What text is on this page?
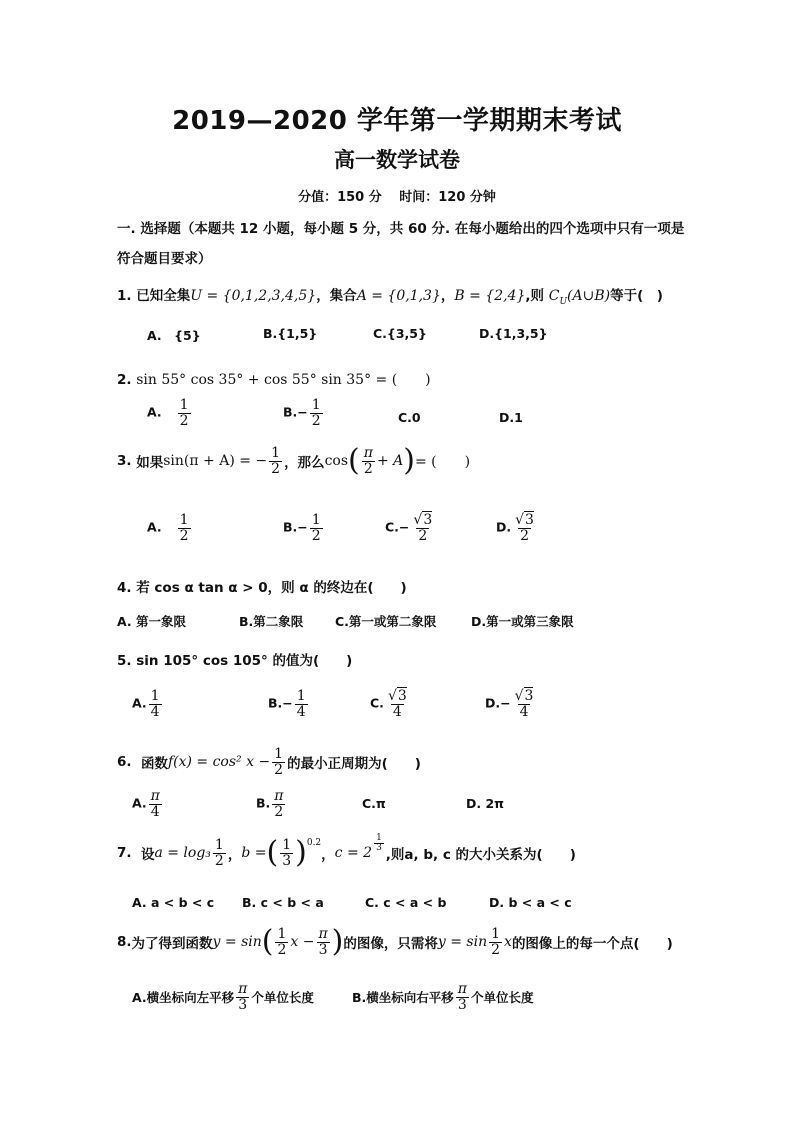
2019—2020 学年第一学期期末考试
高一数学试卷
分值：150 分　 时间：120 分钟
一. 选择题（本题共 12 小题，每小题 5 分，共 60 分. 在每小题给出的四个选项中只有一项是
符合题目要求）
1. 已知全集U = {0,1,2,3,4,5}，集合A = {0,1,3}，B = {2,4},则 $C_U(A\cup B)$等于(　)
A.　{5}	B.{1,5}	C.{3,5}	D.{1,3,5}
2. sin 55° cos 35° + cos 55° sin 35° = (　　)
A. $\frac{1}{2}$	$B.- \frac{1}{2}$	C.0	D.1
3.
如果 sin(π + A) = − $\frac{1}{2}$ ，那么 cos ( $\frac{\pi}{2} + A$ ) = (　　)
A. $\frac{1}{2}$	$B.- \frac{1}{2}$	$C.- \frac{√3}{2}$	D. $\frac{√3}{2}$
4. 若 cos α tan α > 0，则 α 的终边在(　　)
A. 第一象限	B.第二象限	C.第一或第二象限	D.第一或第三象限
5. sin 105° cos 105° 的值为(　　)
A. $\frac{1}{4}$	$B.- \frac{1}{4}$	C. $\frac{√3}{4}$	$D.- \frac{√3}{4}$
6.
函数 f(x) = cos² $x - \frac{1}{2}$ 的最小正周期为(　　)
A. $\frac{\pi}{4}$	B. $\frac{\pi}{2}$	C.π	D. 2π
7.
设 $a = \log_3 \frac{1}{2}$ ， b = ( $\frac{1}{3} )^{0.2}$
， $c = 2 \frac{1}{3}$
,则a, b, c 的大小关系为(　　)
A. a < b < c B. c < b < a	C. c < a < b	D. b < a < c
8. 为了得到函数 y = sin ( $\frac{1}{2}$ $x - \frac{\pi}{3}$ ) 的图像，只需将 $y = \sin \frac{1}{2}$ x 的图像上的每一个点(　　)
A.横坐标向左平移 $\frac{\pi}{3}$ 个单位长度	B.横坐标向右平移 $\frac{\pi}{3}$ 个单位长度
